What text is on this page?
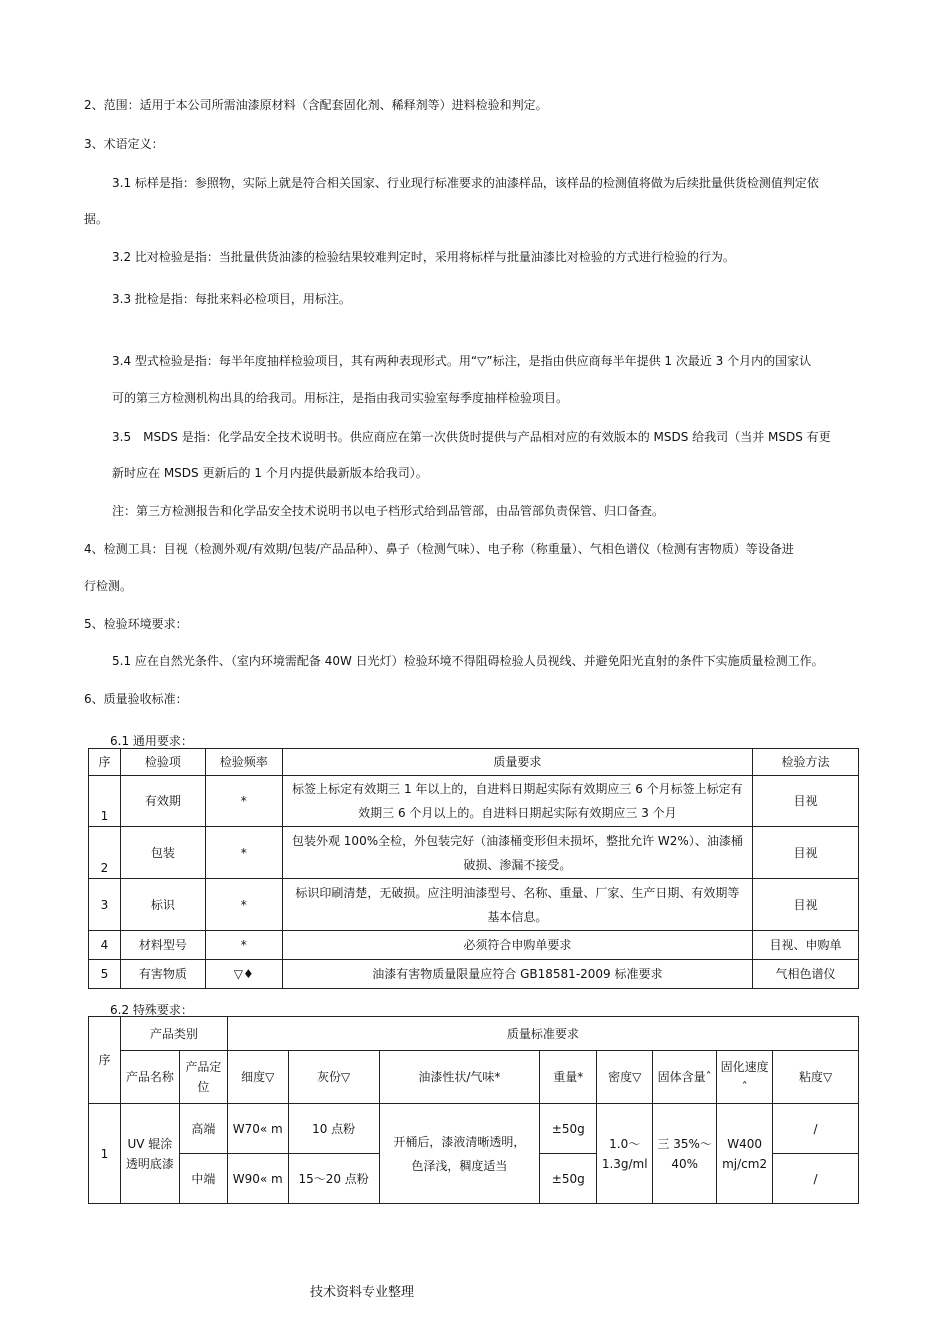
2、范围：适用于本公司所需油漆原材料（含配套固化剂、稀释剂等）进料检验和判定。
3、术语定义：
3.1 标样是指：参照物，实际上就是符合相关国家、行业现行标准要求的油漆样品，该样品的检测值将做为后续批量供货检测值判定依
据。
3.2 比对检验是指：当批量供货油漆的检验结果较难判定时，采用将标样与批量油漆比对检验的方式进行检验的行为。
3.3 批检是指：每批来料必检项目，用标注。
3.4 型式检验是指：每半年度抽样检验项目，其有两种表现形式。用“▽”标注，是指由供应商每半年提供 1 次最近 3 个月内的国家认
可的第三方检测机构出具的给我司。用标注，是指由我司实验室每季度抽样检验项目。
3.5　MSDS 是指：化学品安全技术说明书。供应商应在第一次供货时提供与产品相对应的有效版本的 MSDS 给我司（当并 MSDS 有更
新时应在 MSDS 更新后的 1 个月内提供最新版本给我司）。
注：第三方检测报告和化学品安全技术说明书以电子档形式给到品管部，由品管部负责保管、归口备查。
4、检测工具：目视（检测外观/有效期/包装/产品品种）、鼻子（检测气味）、电子称（称重量）、气相色谱仪（检测有害物质）等设备进
行检测。
5、检验环境要求：
5.1 应在自然光条件、（室内环境需配备 40W 日光灯）检验环境不得阻碍检验人员视线、并避免阳光直射的条件下实施质量检测工作。
6、质量验收标准：
6.1 通用要求：
序	检验项	检验频率	质量要求	检验方法
1	有效期	*	标签上标定有效期三 1 年以上的，自进料日期起实际有效期应三 6 个月标签上标定有效期三 6 个月以上的。自进料日期起实际有效期应三 3 个月	目视
2	包装	*	包装外观 100%全检，外包装完好（油漆桶变形但未损坏，整批允许 W2%）、油漆桶破损、渗漏不接受。	目视
3	标识	*	标识印刷清楚，无破损。应注明油漆型号、名称、重量、厂家、生产日期、有效期等基本信息。	目视
4	材料型号	*	必须符合申购单要求	目视、申购单
5	有害物质	▽♦	油漆有害物质量限量应符合 GB18581-2009 标准要求	气相色谱仪
6.2 特殊要求：
序	产品类别		质量标准要求							
	产品名称	产品定位	细度▽	灰份▽	油漆性状/气味*	重量*	密度▽	固体含量ˆ	固化速度ˆ	粘度▽
1	UV 辊涂透明底漆	高端	W70« m	10 点粉	开桶后，漆液清晰透明，色泽浅，稠度适当	±50g	1.0～1.3g/ml	三 35%～40%	W400 mj/cm2	/
		中端	W90« m	15～20 点粉		±50g				/
技术资料专业整理
